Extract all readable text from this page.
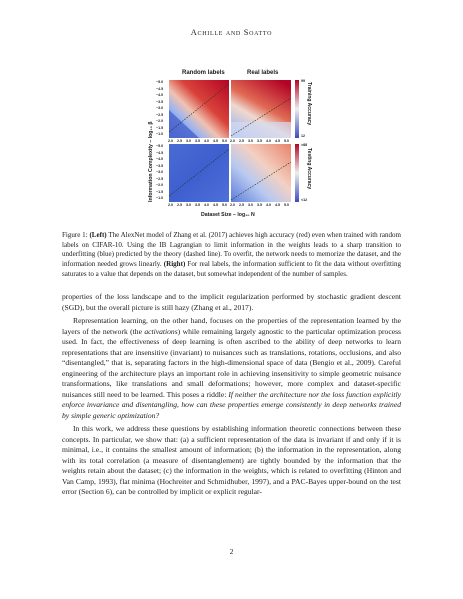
Achille and Soatto
Random labels	Real labels
Information Complexity – log₁₀ β
Dataset Size – log₁₀ N
Training Accuracy
Testing Accuracy
99
12
>88
<12
−5.0
−4.5
−4.0
−3.5
−3.0
−2.5
−2.0
−1.5
−1.0
2.0 2.5 3.0 3.5 4.0 4.5 5.0 2.0 2.5 3.0 3.5 4.0 4.5 5.0
−5.0
−4.5
−4.0
−3.5
−3.0
−2.5
−2.0
−1.5
−1.0
2.0 2.5 3.0 3.5 4.0 4.5 5.0 2.0 2.5 3.0 3.5 4.0 4.5 5.0
Figure 1: (Left) The AlexNet model of Zhang et al. (2017) achieves high accuracy (red) even when trained with random labels on CIFAR-10. Using the IB Lagrangian to limit information in the weights leads to a sharp transition to underfitting (blue) predicted by the theory (dashed line). To overfit, the network needs to memorize the dataset, and the information needed grows linearly. (Right) For real labels, the information sufficient to fit the data without overfitting saturates to a value that depends on the dataset, but somewhat independent of the number of samples.

properties of the loss landscape and to the implicit regularization performed by stochastic gradient descent (SGD), but the overall picture is still hazy (Zhang et al., 2017).

Representation learning, on the other hand, focuses on the properties of the representation learned by the layers of the network (the activations) while remaining largely agnostic to the particular optimization process used. In fact, the effectiveness of deep learning is often ascribed to the ability of deep networks to learn representations that are insensitive (invariant) to nuisances such as translations, rotations, occlusions, and also “disentangled,” that is, separating factors in the high-dimensional space of data (Bengio et al., 2009). Careful engineering of the architecture plays an important role in achieving insensitivity to simple geometric nuisance transformations, like translations and small deformations; however, more complex and dataset-specific nuisances still need to be learned. This poses a riddle: If neither the architecture nor the loss function explicitly enforce invariance and disentangling, how can these properties emerge consistently in deep networks trained by simple generic optimization?

In this work, we address these questions by establishing information theoretic connections between these concepts. In particular, we show that: (a) a sufficient representation of the data is invariant if and only if it is minimal, i.e., it contains the smallest amount of information; (b) the information in the representation, along with its total correlation (a measure of disentanglement) are tightly bounded by the information that the weights retain about the dataset; (c) the information in the weights, which is related to overfitting (Hinton and Van Camp, 1993), flat minima (Hochreiter and Schmidhuber, 1997), and a PAC-Bayes upper-bound on the test error (Section 6), can be controlled by implicit or explicit regular-

2
